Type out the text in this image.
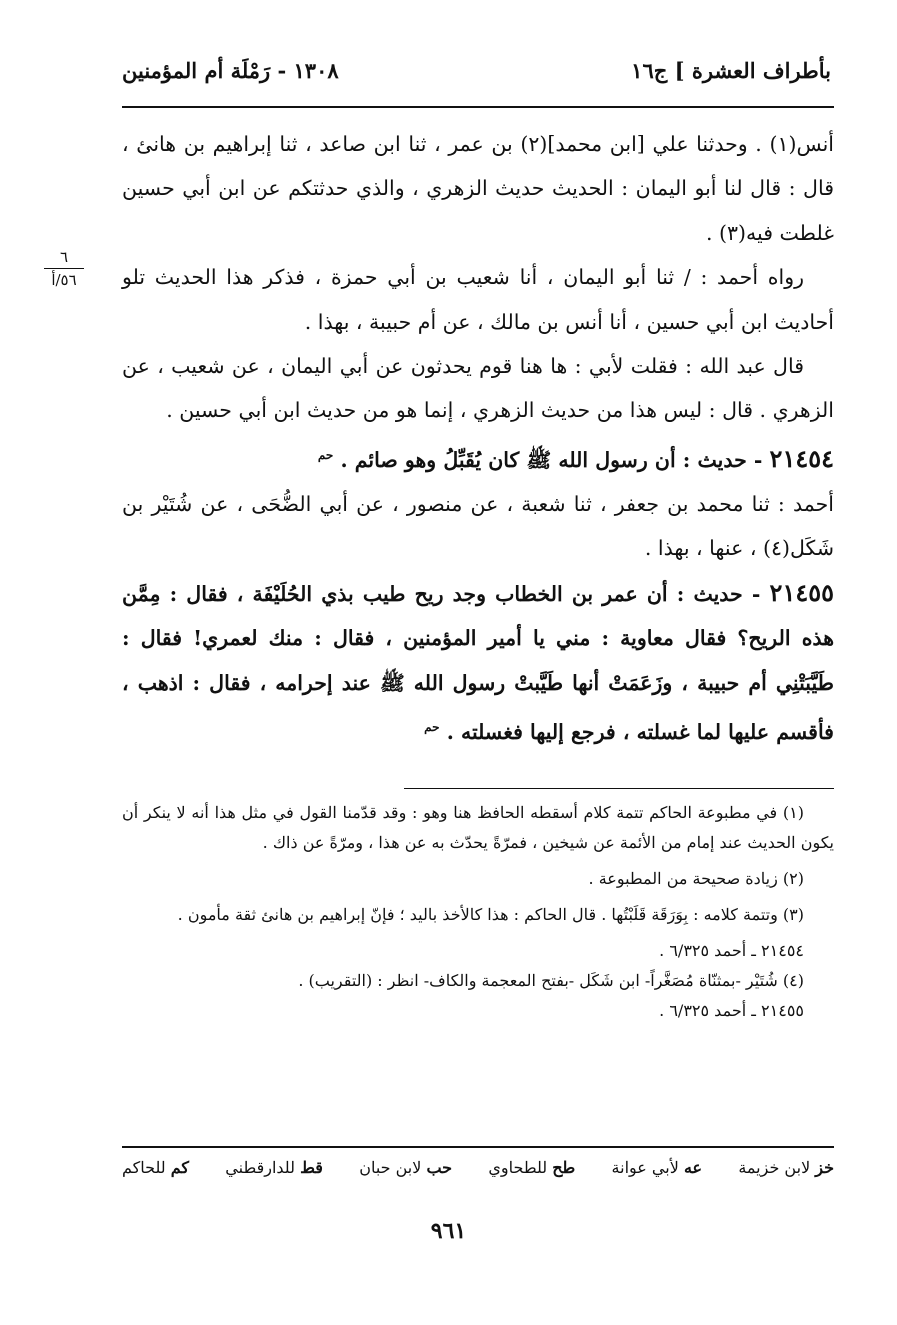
بأطراف العشرة ] ج١٦
١٣٠٨ - رَمْلَة أم المؤمنين
٦
٥٦/أ

أنس(١) . وحدثنا علي [ابن محمد](٢) بن عمر ، ثنا ابن صاعد ، ثنا إبراهيم بن هانئ ، قال : قال لنا أبو اليمان : الحديث حديث الزهري ، والذي حدثتكم عن ابن أبي حسين غلطت فيه(٣) .

رواه أحمد : / ثنا أبو اليمان ، أنا شعيب بن أبي حمزة ، فذكر هذا الحديث تلو أحاديث ابن أبي حسين ، أنا أنس بن مالك ، عن أم حبيبة ، بهذا .

قال عبد الله : فقلت لأبي : ها هنا قوم يحدثون عن أبي اليمان ، عن شعيب ، عن الزهري . قال : ليس هذا من حديث الزهري ، إنما هو من حديث ابن أبي حسين .

٢١٤٥٤ - حديث : أن رسول الله ﷺ كان يُقَبِّلُ وهو صائم . $^{حم}$

أحمد : ثنا محمد بن جعفر ، ثنا شعبة ، عن منصور ، عن أبي الضُّحَى ، عن شُتَيْر بن شَكَل(٤) ، عنها ، بهذا .

٢١٤٥٥ - حديث : أن عمر بن الخطاب وجد ريح طيب بذي الحُلَيْفَة ، فقال : مِمَّن هذه الريح؟ فقال معاوية : مني يا أمير المؤمنين ، فقال : منك لعمري! فقال : طَيَّبَتْنِي أم حبيبة ، وزَعَمَتْ أنها طَيَّبتْ رسول الله ﷺ عند إحرامه ، فقال : اذهب ، فأقسم عليها لما غسلته ، فرجع إليها فغسلته . $^{حم}$

(١) في مطبوعة الحاكم تتمة كلام أسقطه الحافظ هنا وهو : وقد قدّمنا القول في مثل هذا أنه لا ينكر أن يكون الحديث عند إمام من الأئمة عن شيخين ، فمرّةً يحدّث به عن هذا ، ومرّةً عن ذاك .

(٢) زيادة صحيحة من المطبوعة .

(٣) وتتمة كلامه : بِوَرَقَة قَلَبْتُها . قال الحاكم : هذا كالأخذ باليد ؛ فإنّ إبراهيم بن هانئ ثقة مأمون .

٢١٤٥٤ ـ أحمد ٦/٣٢٥ .

(٤) شُتَيْر -بمثنّاة مُصَغَّراً- ابن شَكَل -بفتح المعجمة والكاف- انظر : (التقريب) .

٢١٤٥٥ ـ أحمد ٦/٣٢٥ .

خز لابن خزيمة
عه لأبي عوانة
طح للطحاوي
حب لابن حبان
قط للدارقطني
كم للحاكم
٩٦١
